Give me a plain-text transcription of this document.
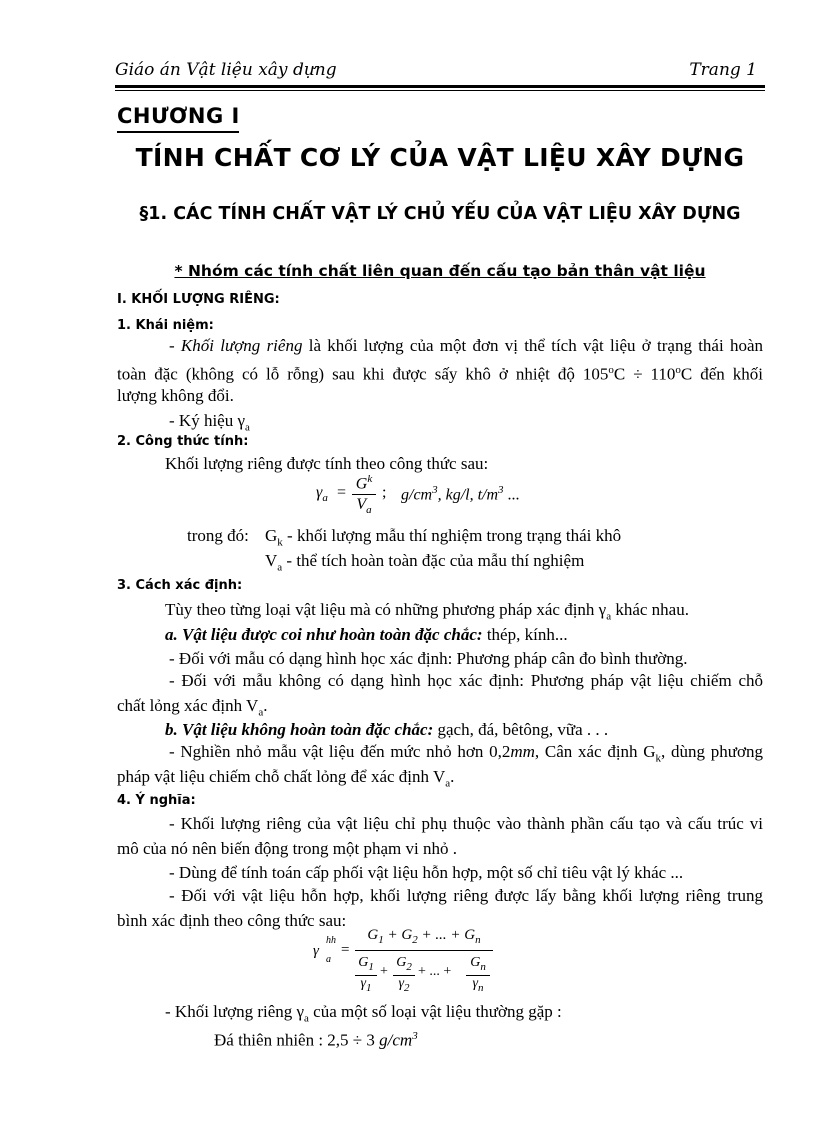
Giáo án Vật liệu xây dựng	Trang 1
CHƯƠNG I
TÍNH CHẤT CƠ LÝ CỦA VẬT LIỆU XÂY DỰNG
§1. CÁC TÍNH CHẤT VẬT LÝ CHỦ YẾU CỦA VẬT LIỆU XÂY DỰNG
* Nhóm các tính chất liên quan đến cấu tạo bản thân vật liệu
I. KHỐI LƯỢNG RIÊNG:
1. Khái niệm:
- Khối lượng riêng là khối lượng của một đơn vị thể tích vật liệu ở trạng thái hoàn
toàn đặc (không có lỗ rỗng) sau khi được sấy khô ở nhiệt độ $105^oC \div 110^oC$ đến khối
lượng không đổi.
- Ký hiệu $\gamma_a$
2. Công thức tính:
Khối lượng riêng được tính theo công thức sau:
$\gamma_a$ =
$G^k$
$V_a$
; $g/cm^3$, kg/l, $t/m^3$ ...
trong đó: $G_k$ - khối lượng mẫu thí nghiệm trong trạng thái khô
$V_a$ - thể tích hoàn toàn đặc của mẫu thí nghiệm
3. Cách xác định:
Tùy theo từng loại vật liệu mà có những phương pháp xác định $\gamma_a$ khác nhau.
a. Vật liệu được coi như hoàn toàn đặc chắc: thép, kính...
- Đối với mẫu có dạng hình học xác định: Phương pháp cân đo bình thường.
- Đối với mẫu không có dạng hình học xác định: Phương pháp vật liệu chiếm chỗ
chất lỏng xác định $V_a$.
b. Vật liệu không hoàn toàn đặc chắc: gạch, đá, bêtông, vữa . . .
- Nghiền nhỏ mẫu vật liệu đến mức nhỏ hơn 0,2mm, Cân xác định $G_k$, dùng phương
pháp vật liệu chiếm chỗ chất lỏng để xác định $V_a$.
4. Ý nghĩa:
- Khối lượng riêng của vật liệu chỉ phụ thuộc vào thành phần cấu tạo và cấu trúc vi
mô của nó nên biến động trong một phạm vi nhỏ .
- Dùng để tính toán cấp phối vật liệu hỗn hợp, một số chỉ tiêu vật lý khác ...
- Đối với vật liệu hỗn hợp, khối lượng riêng được lấy bằng khối lượng riêng trung
bình xác định theo công thức sau:
γ
hh
a
=
$G_1 + G_2$ + ... + $G_n$
$G_1$
$\gamma_1$
+
$G_2$
$\gamma_2$
+ ... +
$G_n$
$\gamma_n$
- Khối lượng riêng $\gamma_a$ của một số loại vật liệu thường gặp :
Đá thiên nhiên : 2,5 ÷ 3 $g/cm^3$
